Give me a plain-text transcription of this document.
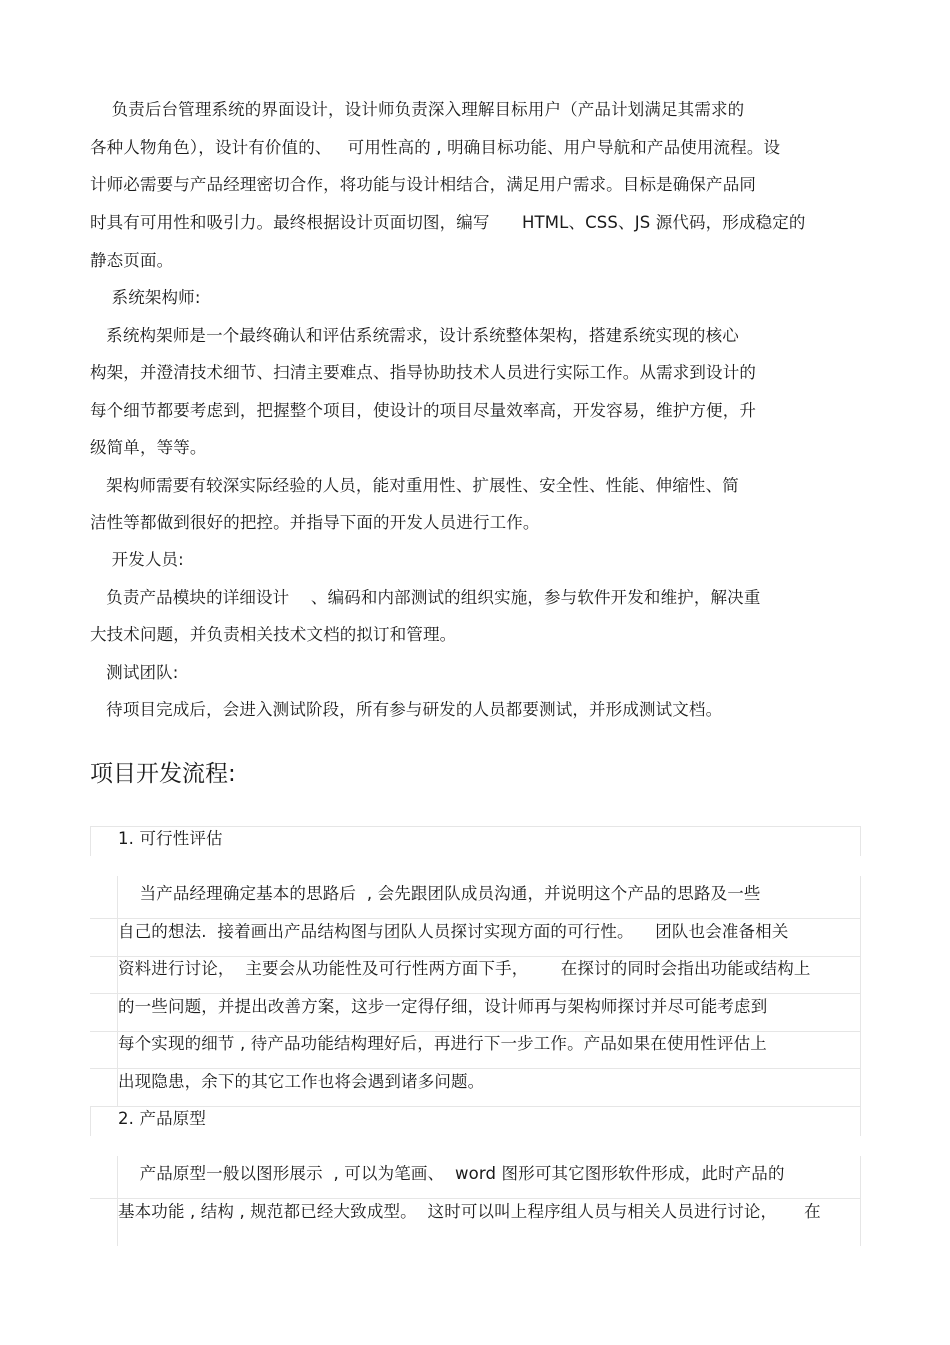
负责后台管理系统的界面设计，设计师负责深入理解目标用户（产品计划满足其需求的
各种人物角色），设计有价值的、   可用性高的 , 明确目标功能、用户导航和产品使用流程。设
计师必需要与产品经理密切合作，将功能与设计相结合，满足用户需求。目标是确保产品同
时具有可用性和吸引力。最终根据设计页面切图，编写      HTML、CSS、JS 源代码，形成稳定的
静态页面。
系统架构师:
系统构架师是一个最终确认和评估系统需求，设计系统整体架构，搭建系统实现的核心
构架，并澄清技术细节、扫清主要难点、指导协助技术人员进行实际工作。从需求到设计的
每个细节都要考虑到，把握整个项目，使设计的项目尽量效率高，开发容易，维护方便，升
级简单，等等。
架构师需要有较深实际经验的人员，能对重用性、扩展性、安全性、性能、伸缩性、简
洁性等都做到很好的把控。并指导下面的开发人员进行工作。
开发人员:
负责产品模块的详细设计    、编码和内部测试的组织实施，参与软件开发和维护，解决重
大技术问题，并负责相关技术文档的拟订和管理。
测试团队:
待项目完成后，会进入测试阶段，所有参与研发的人员都要测试，并形成测试文档。
项目开发流程:
1. 可行性评估
当产品经理确定基本的思路后  , 会先跟团队成员沟通，并说明这个产品的思路及一些
自己的想法.  接着画出产品结构图与团队人员探讨实现方面的可行性。    团队也会准备相关
资料进行讨论，  主要会从功能性及可行性两方面下手，      在探讨的同时会指出功能或结构上
的一些问题，并提出改善方案，这步一定得仔细，设计师再与架构师探讨并尽可能考虑到
每个实现的细节 , 待产品功能结构理好后，再进行下一步工作。产品如果在使用性评估上
出现隐患，余下的其它工作也将会遇到诸多问题。
2. 产品原型
产品原型一般以图形展示  , 可以为笔画、  word 图形可其它图形软件形成，此时产品的
基本功能 , 结构 , 规范都已经大致成型。  这时可以叫上程序组人员与相关人员进行讨论，     在
